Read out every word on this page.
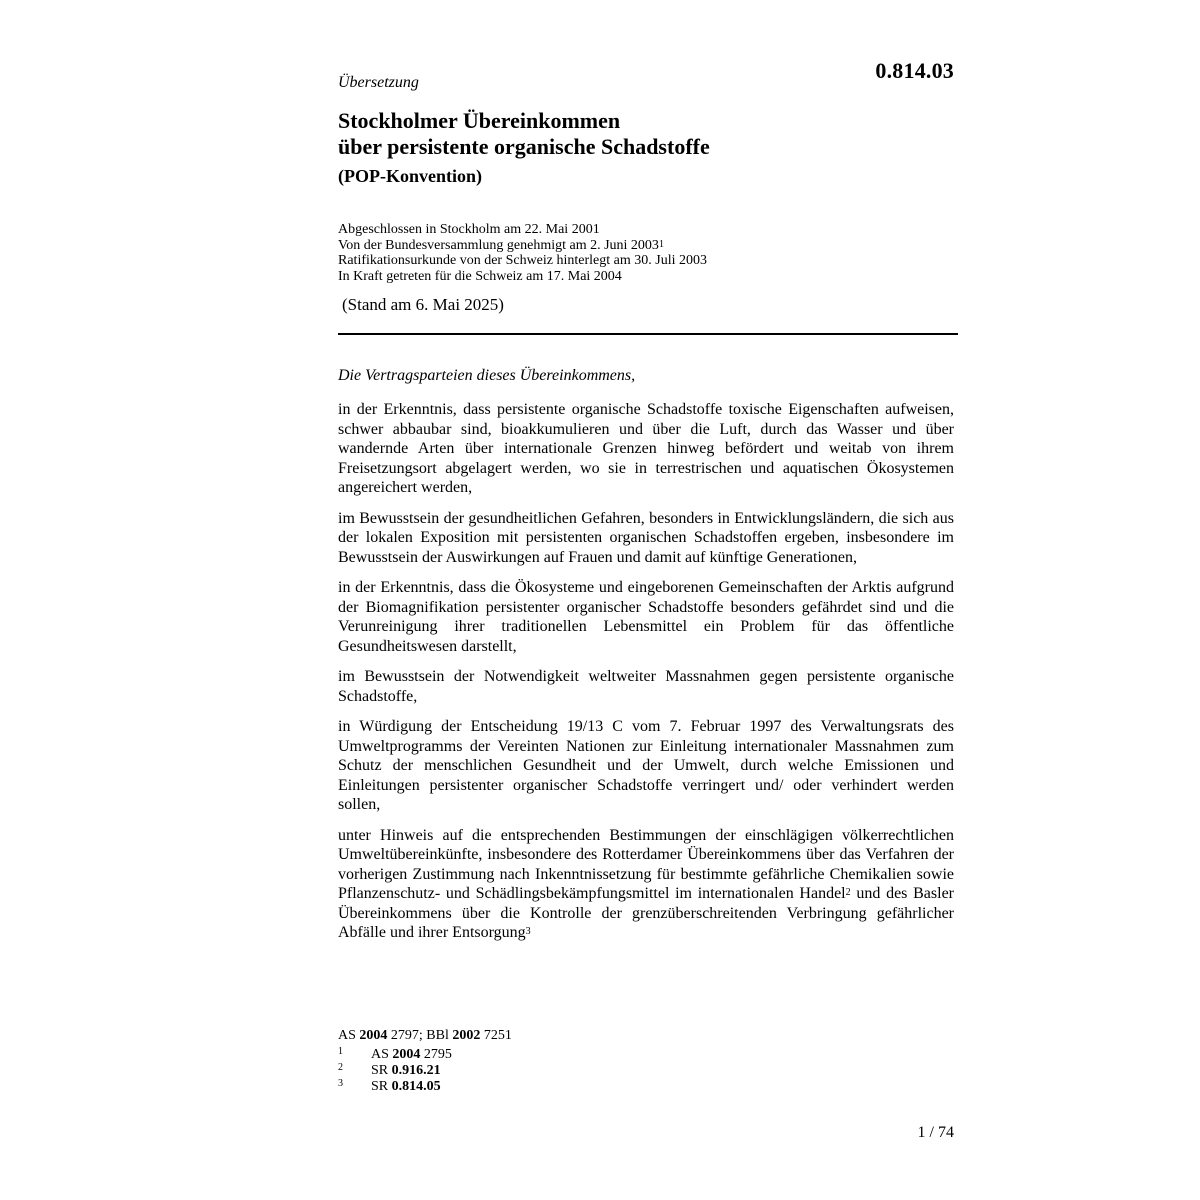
0.814.03
Übersetzung
Stockholmer Übereinkommen
über persistente organische Schadstoffe
(POP-Konvention)
Abgeschlossen in Stockholm am 22. Mai 2001
Von der Bundesversammlung genehmigt am 2. Juni 2003$^1$
Ratifikationsurkunde von der Schweiz hinterlegt am 30. Juli 2003
In Kraft getreten für die Schweiz am 17. Mai 2004
(Stand am 6. Mai 2025)
Die Vertragsparteien dieses Übereinkommens,

in der Erkenntnis, dass persistente organische Schadstoffe toxische Eigenschaften aufweisen, schwer abbaubar sind, bioakkumulieren und über die Luft, durch das Wasser und über wandernde Arten über internationale Grenzen hinweg befördert und weitab von ihrem Freisetzungsort abgelagert werden, wo sie in terrestrischen und aquatischen Ökosystemen angereichert werden,

im Bewusstsein der gesundheitlichen Gefahren, besonders in Entwicklungsländern, die sich aus der lokalen Exposition mit persistenten organischen Schadstoffen ergeben, insbesondere im Bewusstsein der Auswirkungen auf Frauen und damit auf künftige Generationen,

in der Erkenntnis, dass die Ökosysteme und eingeborenen Gemeinschaften der Arktis aufgrund der Biomagnifikation persistenter organischer Schadstoffe besonders gefährdet sind und die Verunreinigung ihrer traditionellen Lebensmittel ein Problem für das öffentliche Gesundheitswesen darstellt,

im Bewusstsein der Notwendigkeit weltweiter Massnahmen gegen persistente organische Schadstoffe,

in Würdigung der Entscheidung 19/13 C vom 7. Februar 1997 des Verwaltungsrats des Umweltprogramms der Vereinten Nationen zur Einleitung internationaler Massnahmen zum Schutz der menschlichen Gesundheit und der Umwelt, durch welche Emissionen und Einleitungen persistenter organischer Schadstoffe verringert und/ oder verhindert werden sollen,

unter Hinweis auf die entsprechenden Bestimmungen der einschlägigen völkerrechtlichen Umweltübereinkünfte, insbesondere des Rotterdamer Übereinkommens über das Verfahren der vorherigen Zustimmung nach Inkenntnissetzung für bestimmte gefährliche Chemikalien sowie Pflanzenschutz- und Schädlingsbekämpfungsmittel im internationalen Handel$^2$ und des Basler Übereinkommens über die Kontrolle der grenzüberschreitenden Verbringung gefährlicher Abfälle und ihrer Entsorgung$^3$

AS 2004 2797; BBl 2002 7251
1 AS 2004 2795
2 SR 0.916.21
3 SR 0.814.05
1 / 74
